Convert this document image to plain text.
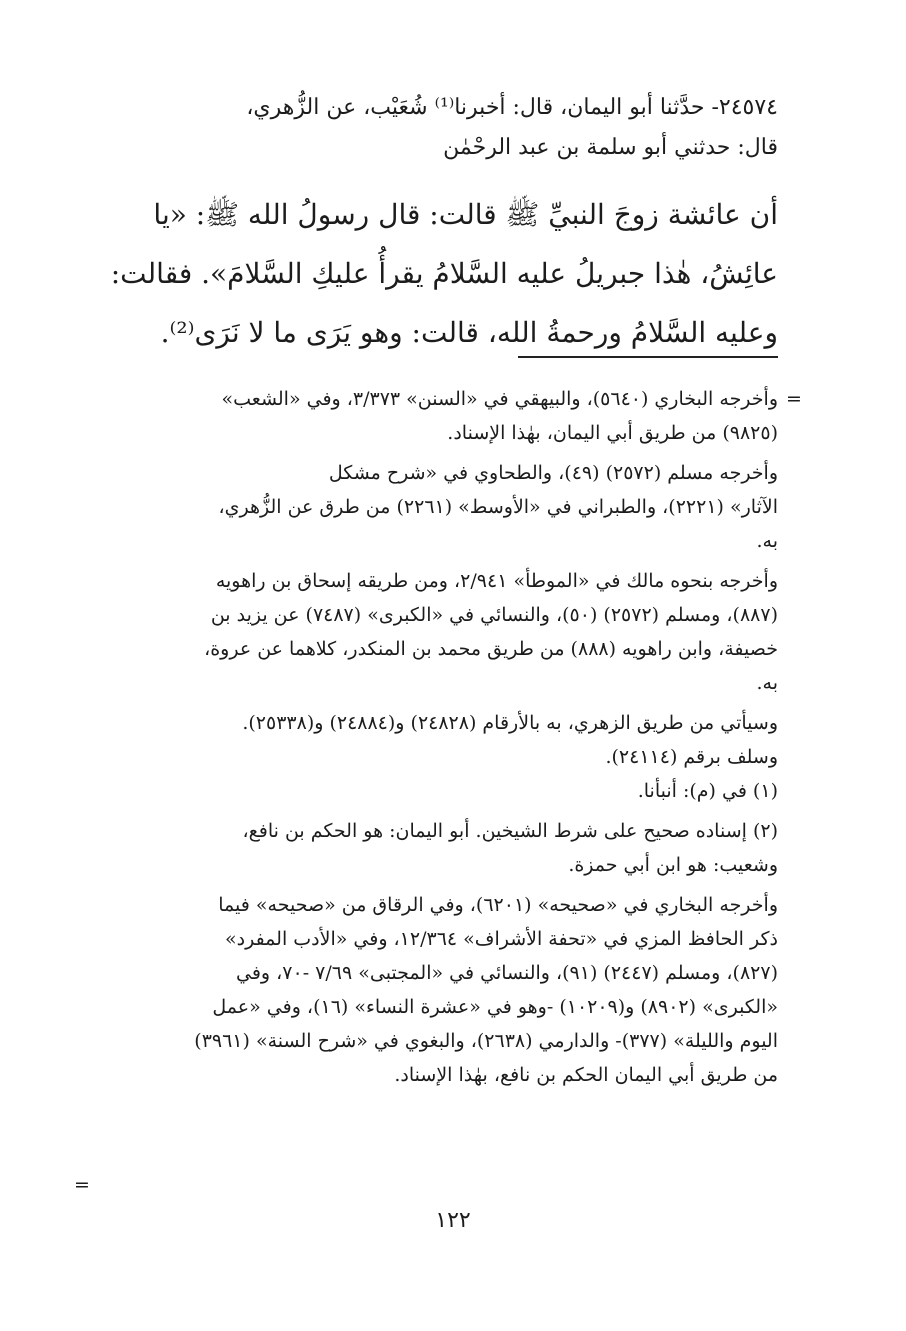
٢٤٥٧٤- حدَّثنا أبو اليمان، قال: أخبرنا⁽¹⁾ شُعَيْب، عن الزُّهري،
قال: حدثني أبو سلمة بن عبد الرحْمٰن
أن عائشة زوجَ النبيِّ ﷺ قالت: قال رسولُ الله ﷺ: «يا
عائِشُ، هٰذا جبريلُ عليه السَّلامُ يقرأُ عليكِ السَّلامَ». فقالت:
وعليه السَّلامُ ورحمةُ الله، قالت: وهو يَرَى ما لا نَرَى⁽²⁾.
=
وأخرجه البخاري (٥٦٤٠)، والبيهقي في «السنن» ٣/٣٧٣، وفي «الشعب»
(٩٨٢٥) من طريق أبي اليمان، بهٰذا الإسناد.
وأخرجه مسلم (٢٥٧٢) (٤٩)، والطحاوي في «شرح مشكل
الآثار» (٢٢٢١)، والطبراني في «الأوسط» (٢٢٦١) من طرق عن الزُّهري،
به.
وأخرجه بنحوه مالك في «الموطأ» ٢/٩٤١، ومن طريقه إسحاق بن راهويه
(٨٨٧)، ومسلم (٢٥٧٢) (٥٠)، والنسائي في «الكبرى» (٧٤٨٧) عن يزيد بن
خصيفة، وابن راهويه (٨٨٨) من طريق محمد بن المنكدر، كلاهما عن عروة،
به.
وسيأتي من طريق الزهري، به بالأرقام (٢٤٨٢٨) و(٢٤٨٨٤) و(٢٥٣٣٨).
وسلف برقم (٢٤١١٤).
(١) في (م): أنبأنا.
(٢) إسناده صحيح على شرط الشيخين. أبو اليمان: هو الحكم بن نافع،
وشعيب: هو ابن أبي حمزة.
وأخرجه البخاري في «صحيحه» (٦٢٠١)، وفي الرقاق من «صحيحه» فيما
ذكر الحافظ المزي في «تحفة الأشراف» ١٢/٣٦٤، وفي «الأدب المفرد»
(٨٢٧)، ومسلم (٢٤٤٧) (٩١)، والنسائي في «المجتبى» ٧/٦٩ -٧٠، وفي
«الكبرى» (٨٩٠٢) و(١٠٢٠٩) -وهو في «عشرة النساء» (١٦)، وفي «عمل
اليوم والليلة» (٣٧٧)- والدارمي (٢٦٣٨)، والبغوي في «شرح السنة» (٣٩٦١)
من طريق أبي اليمان الحكم بن نافع، بهٰذا الإسناد.
=
١٢٢
